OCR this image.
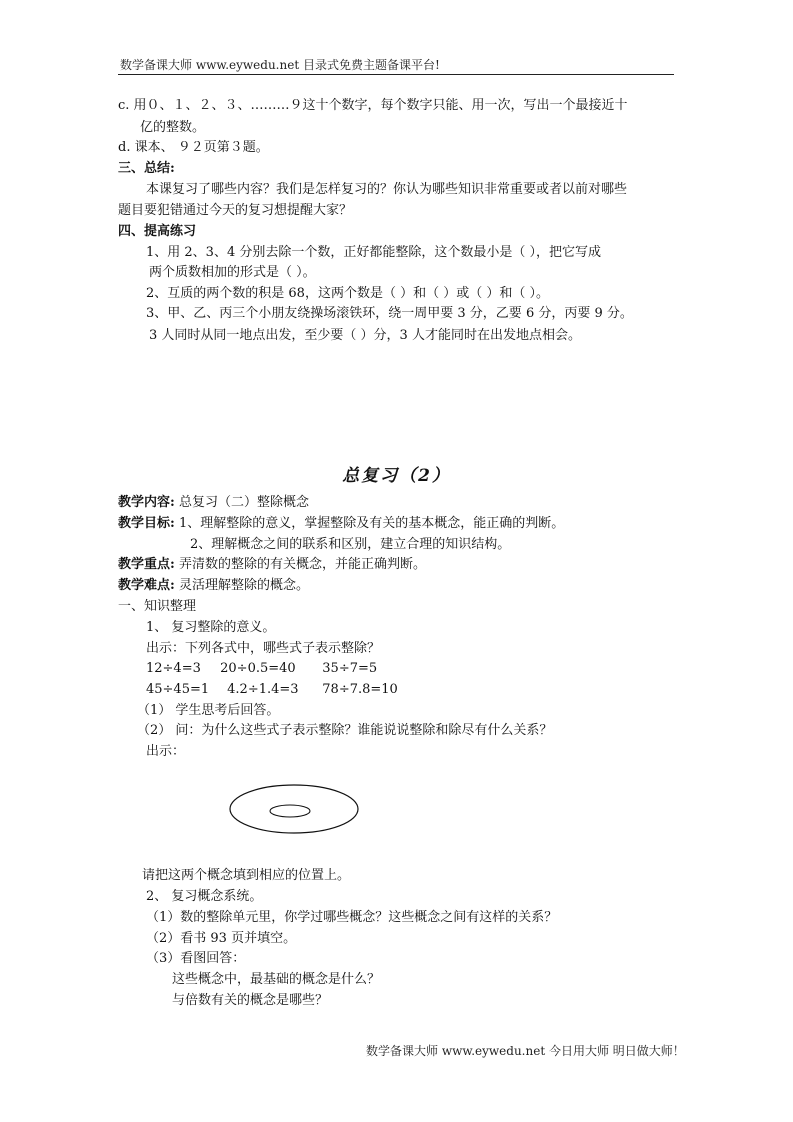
数学备课大师 www.eywedu.net 目录式免费主题备课平台!
c. 用０、１、２、３、………９这十个数字，每个数字只能、用一次，写出一个最接近十
亿的整数。
d. 课本、 ９２页第３题。
三、总结:
本课复习了哪些内容？我们是怎样复习的？你认为哪些知识非常重要或者以前对哪些
题目要犯错通过今天的复习想提醒大家？
四、提高练习
1、用 2、3、4 分别去除一个数，正好都能整除，这个数最小是（ ），把它写成
两个质数相加的形式是（ ）。
2、互质的两个数的积是 68，这两个数是（ ）和（ ）或（ ）和（ ）。
3、甲、乙、丙三个小朋友绕操场滚铁环，绕一周甲要 3 分，乙要 6 分，丙要 9 分。
3 人同时从同一地点出发，至少要（ ）分，3 人才能同时在出发地点相会。
总复习（2）
教学内容: 总复习（二）整除概念
教学目标: 1、理解整除的意义，掌握整除及有关的基本概念，能正确的判断。
2、理解概念之间的联系和区别，建立合理的知识结构。
教学重点: 弄清数的整除的有关概念，并能正确判断。
教学难点: 灵活理解整除的概念。
一、知识整理
1、 复习整除的意义。
出示：下列各式中，哪些式子表示整除？
12÷4=3 20÷0.5=40 35÷7=5
45÷45=1 4.2÷1.4=3 78÷7.8=10
（1） 学生思考后回答。
（2） 问：为什么这些式子表示整除？谁能说说整除和除尽有什么关系？
出示：
请把这两个概念填到相应的位置上。
2、 复习概念系统。
（1）数的整除单元里，你学过哪些概念？这些概念之间有这样的关系？
（2）看书 93 页并填空。
（3）看图回答：
这些概念中，最基础的概念是什么？
与倍数有关的概念是哪些？
数学备课大师 www.eywedu.net 今日用大师 明日做大师！
